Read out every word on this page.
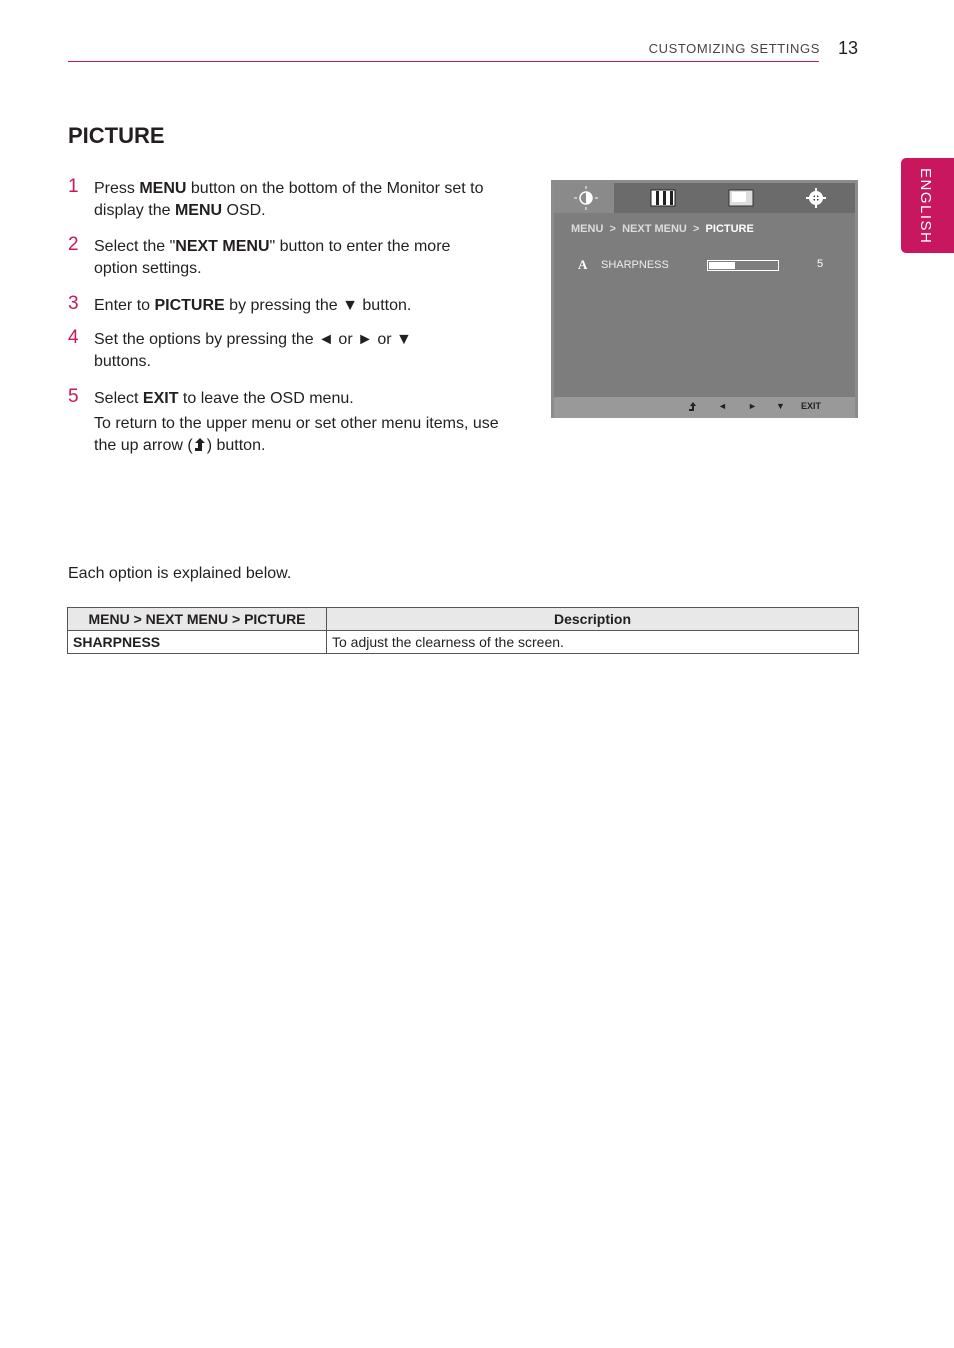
CUSTOMIZING SETTINGS 13
ENGLISH
PICTURE
1 Press MENU button on the bottom of the Monitor set to display the MENU OSD.
2 Select the "NEXT MENU" button to enter the more option settings.
3 Enter to PICTURE by pressing the ▼ button.
4 Set the options by pressing the ◄ or ► or ▼ buttons.
5 Select EXIT to leave the OSD menu.
To return to the upper menu or set other menu items, use the up arrow ( ) button.
MENU > NEXT MENU > PICTURE
A SHARPNESS	5
◄ ► ▼ EXIT
Each option is explained below.
MENU > NEXT MENU > PICTURE	Description
SHARPNESS	To adjust the clearness of the screen.
